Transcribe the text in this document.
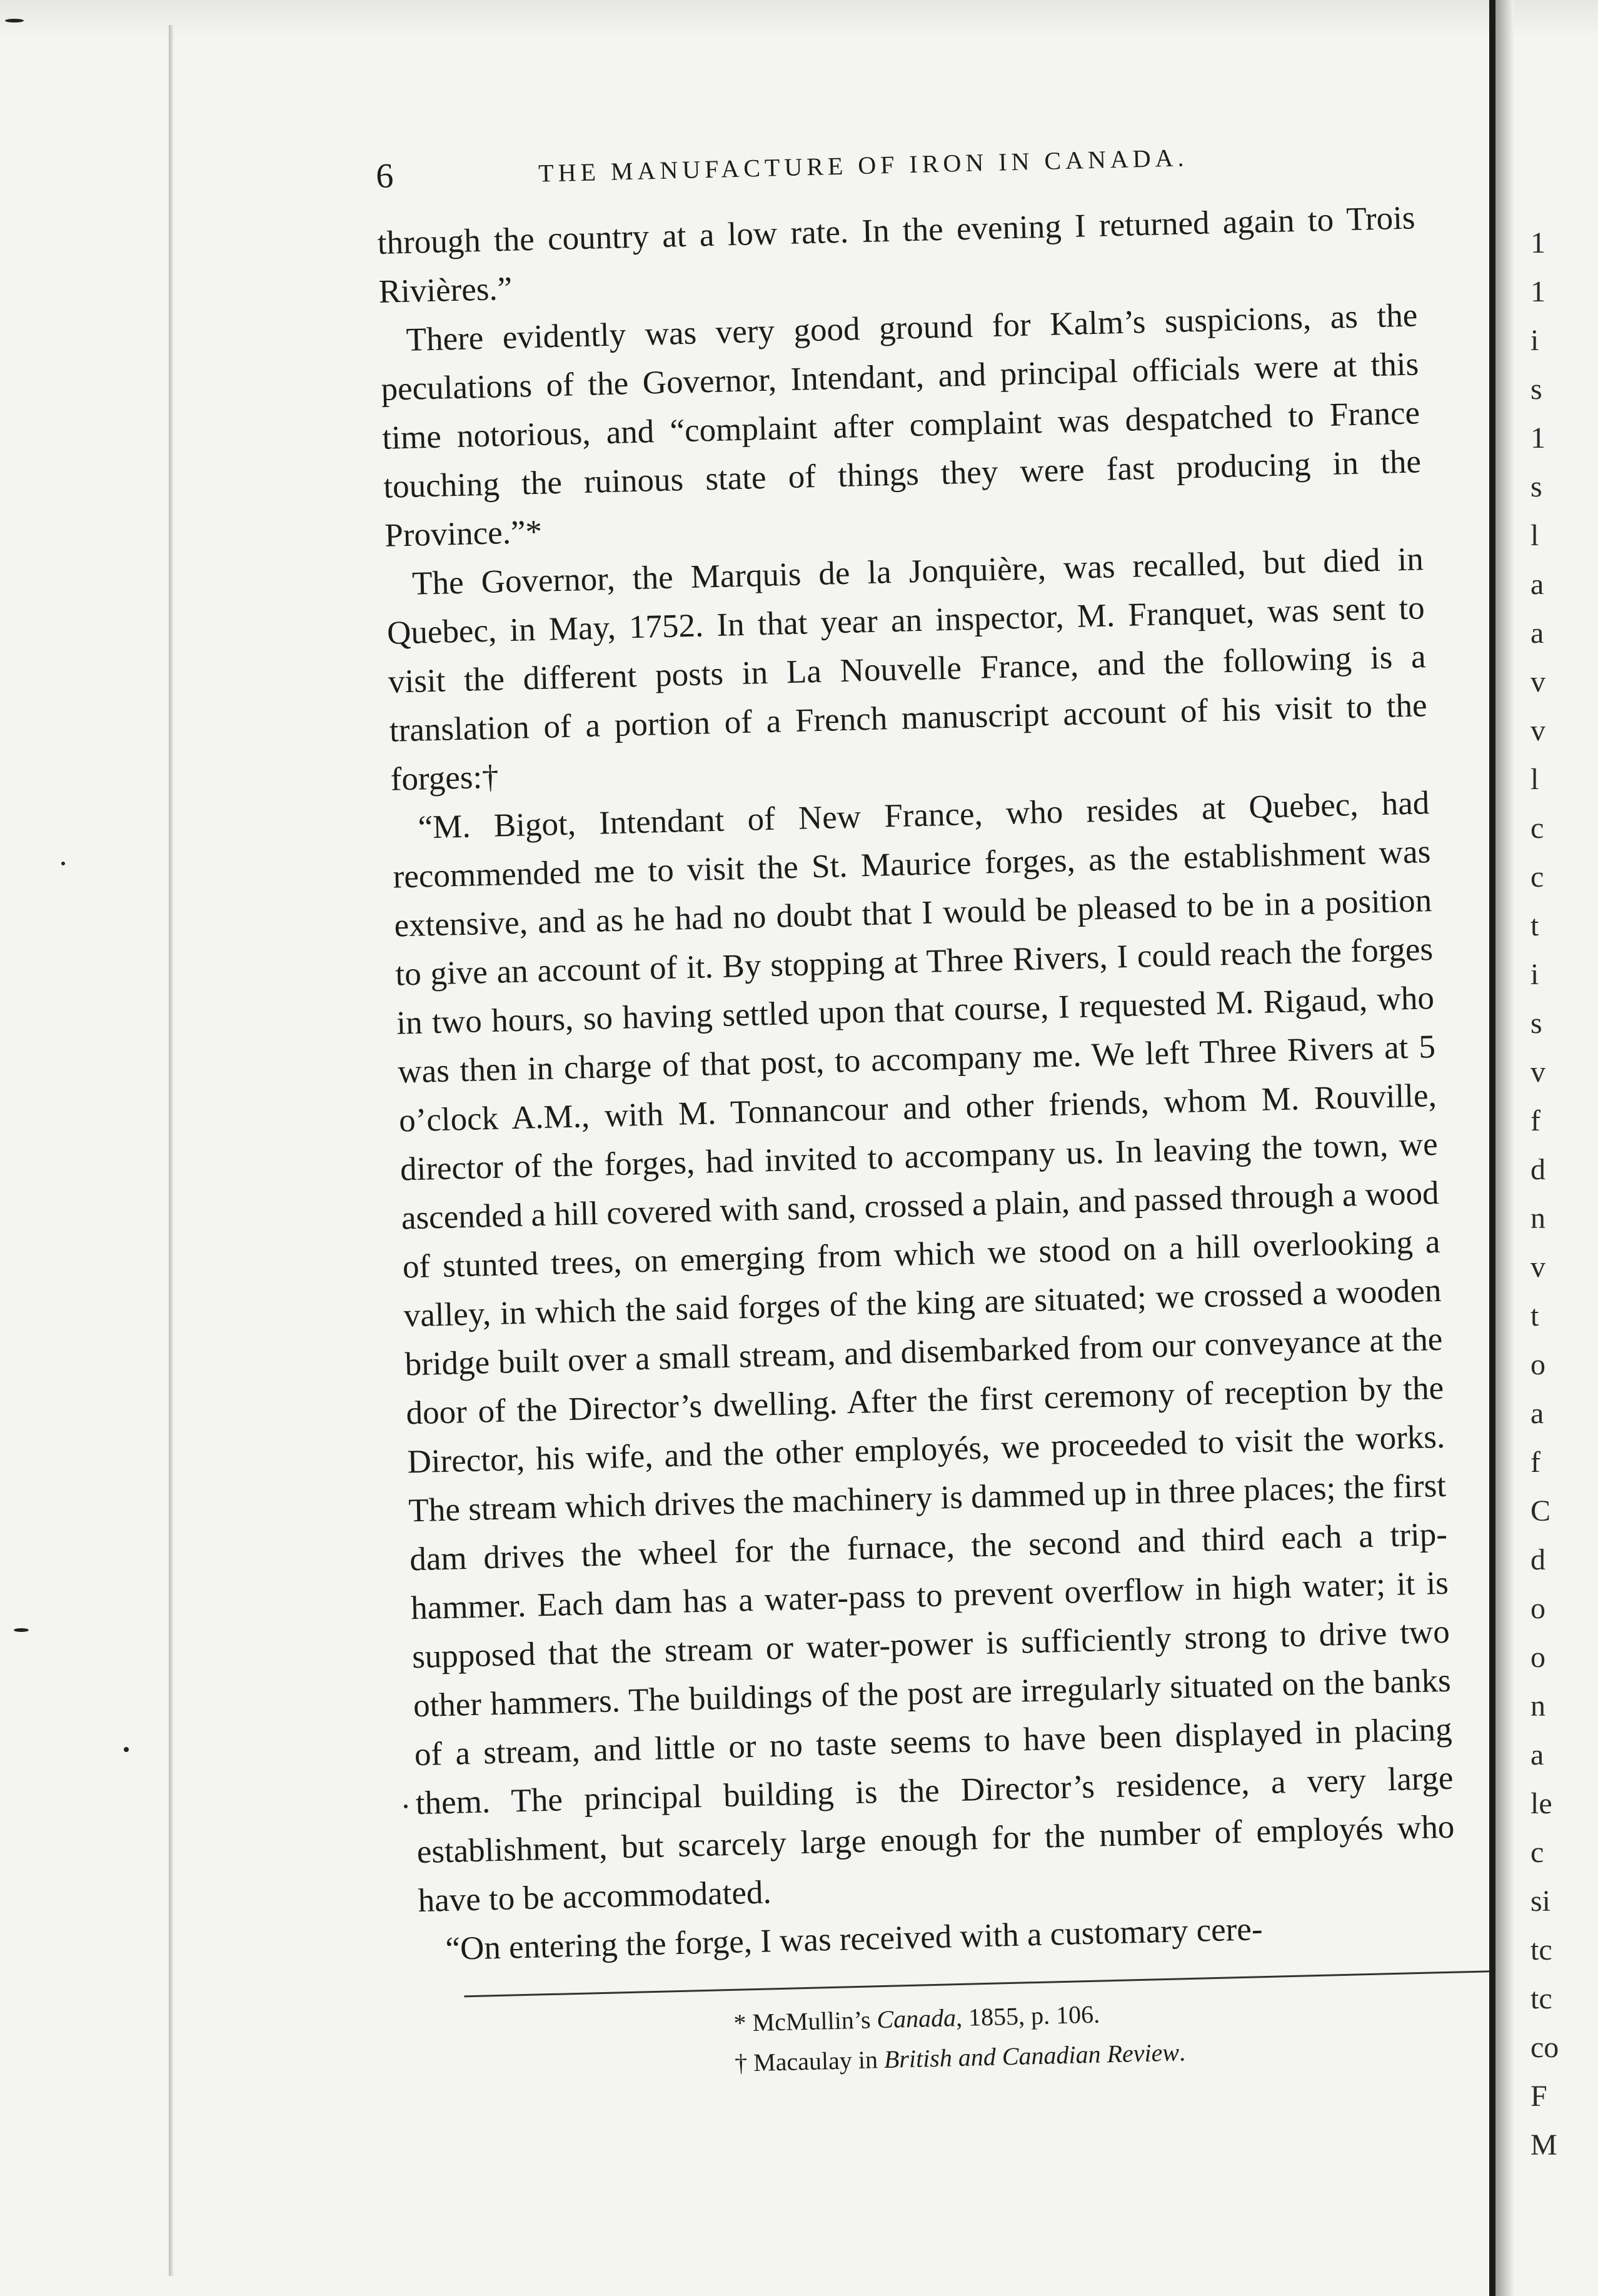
1
1
i
s
1
s
l
a
a
v
v
l
c
c
t
i
s
v
f
d
n
v
t
o
a
f
C
d
o
o
n
a
le
c
si
tc
tc
co
F
M
6	THE MANUFACTURE OF IRON IN CANADA.

through the country at a low rate. In the evening I returned again to Trois Rivières.”

There evidently was very good ground for Kalm’s suspicions, as the peculations of the Governor, Intendant, and principal officials were at this time notorious, and “complaint after complaint was despatched to France touching the ruinous state of things they were fast producing in the Province.”*

The Governor, the Marquis de la Jonquière, was recalled, but died in Quebec, in May, 1752. In that year an inspector, M. Franquet, was sent to visit the different posts in La Nouvelle France, and the following is a translation of a portion of a French manuscript account of his visit to the forges:†

“M. Bigot, Intendant of New France, who resides at Quebec, had recommended me to visit the St. Maurice forges, as the establishment was extensive, and as he had no doubt that I would be pleased to be in a position to give an account of it. By stopping at Three Rivers, I could reach the forges in two hours, so having settled upon that course, I requested M. Rigaud, who was then in charge of that post, to accompany me. We left Three Rivers at 5 o’clock A.M., with M. Tonnancour and other friends, whom M. Rouville, director of the forges, had invited to accompany us. In leaving the town, we ascended a hill covered with sand, crossed a plain, and passed through a wood of stunted trees, on emerging from which we stood on a hill overlooking a valley, in which the said forges of the king are situated; we crossed a wooden bridge built over a small stream, and disembarked from our conveyance at the door of the Director’s dwelling. After the first ceremony of reception by the Director, his wife, and the other employés, we proceeded to visit the works. The stream which drives the machinery is dammed up in three places; the first dam drives the wheel for the furnace, the second and third each a trip-hammer. Each dam has a water-pass to prevent overflow in high water; it is supposed that the stream or water-power is sufficiently strong to drive two other hammers. The buildings of the post are irregularly situated on the banks of a stream, and little or no taste seems to have been displayed in placing them. The principal building is the Director’s residence, a very large establishment, but scarcely large enough for the number of employés who have to be accommodated.

“On entering the forge, I was received with a customary cere-

* McMullin’s Canada, 1855, p. 106.
† Macaulay in British and Canadian Review.
